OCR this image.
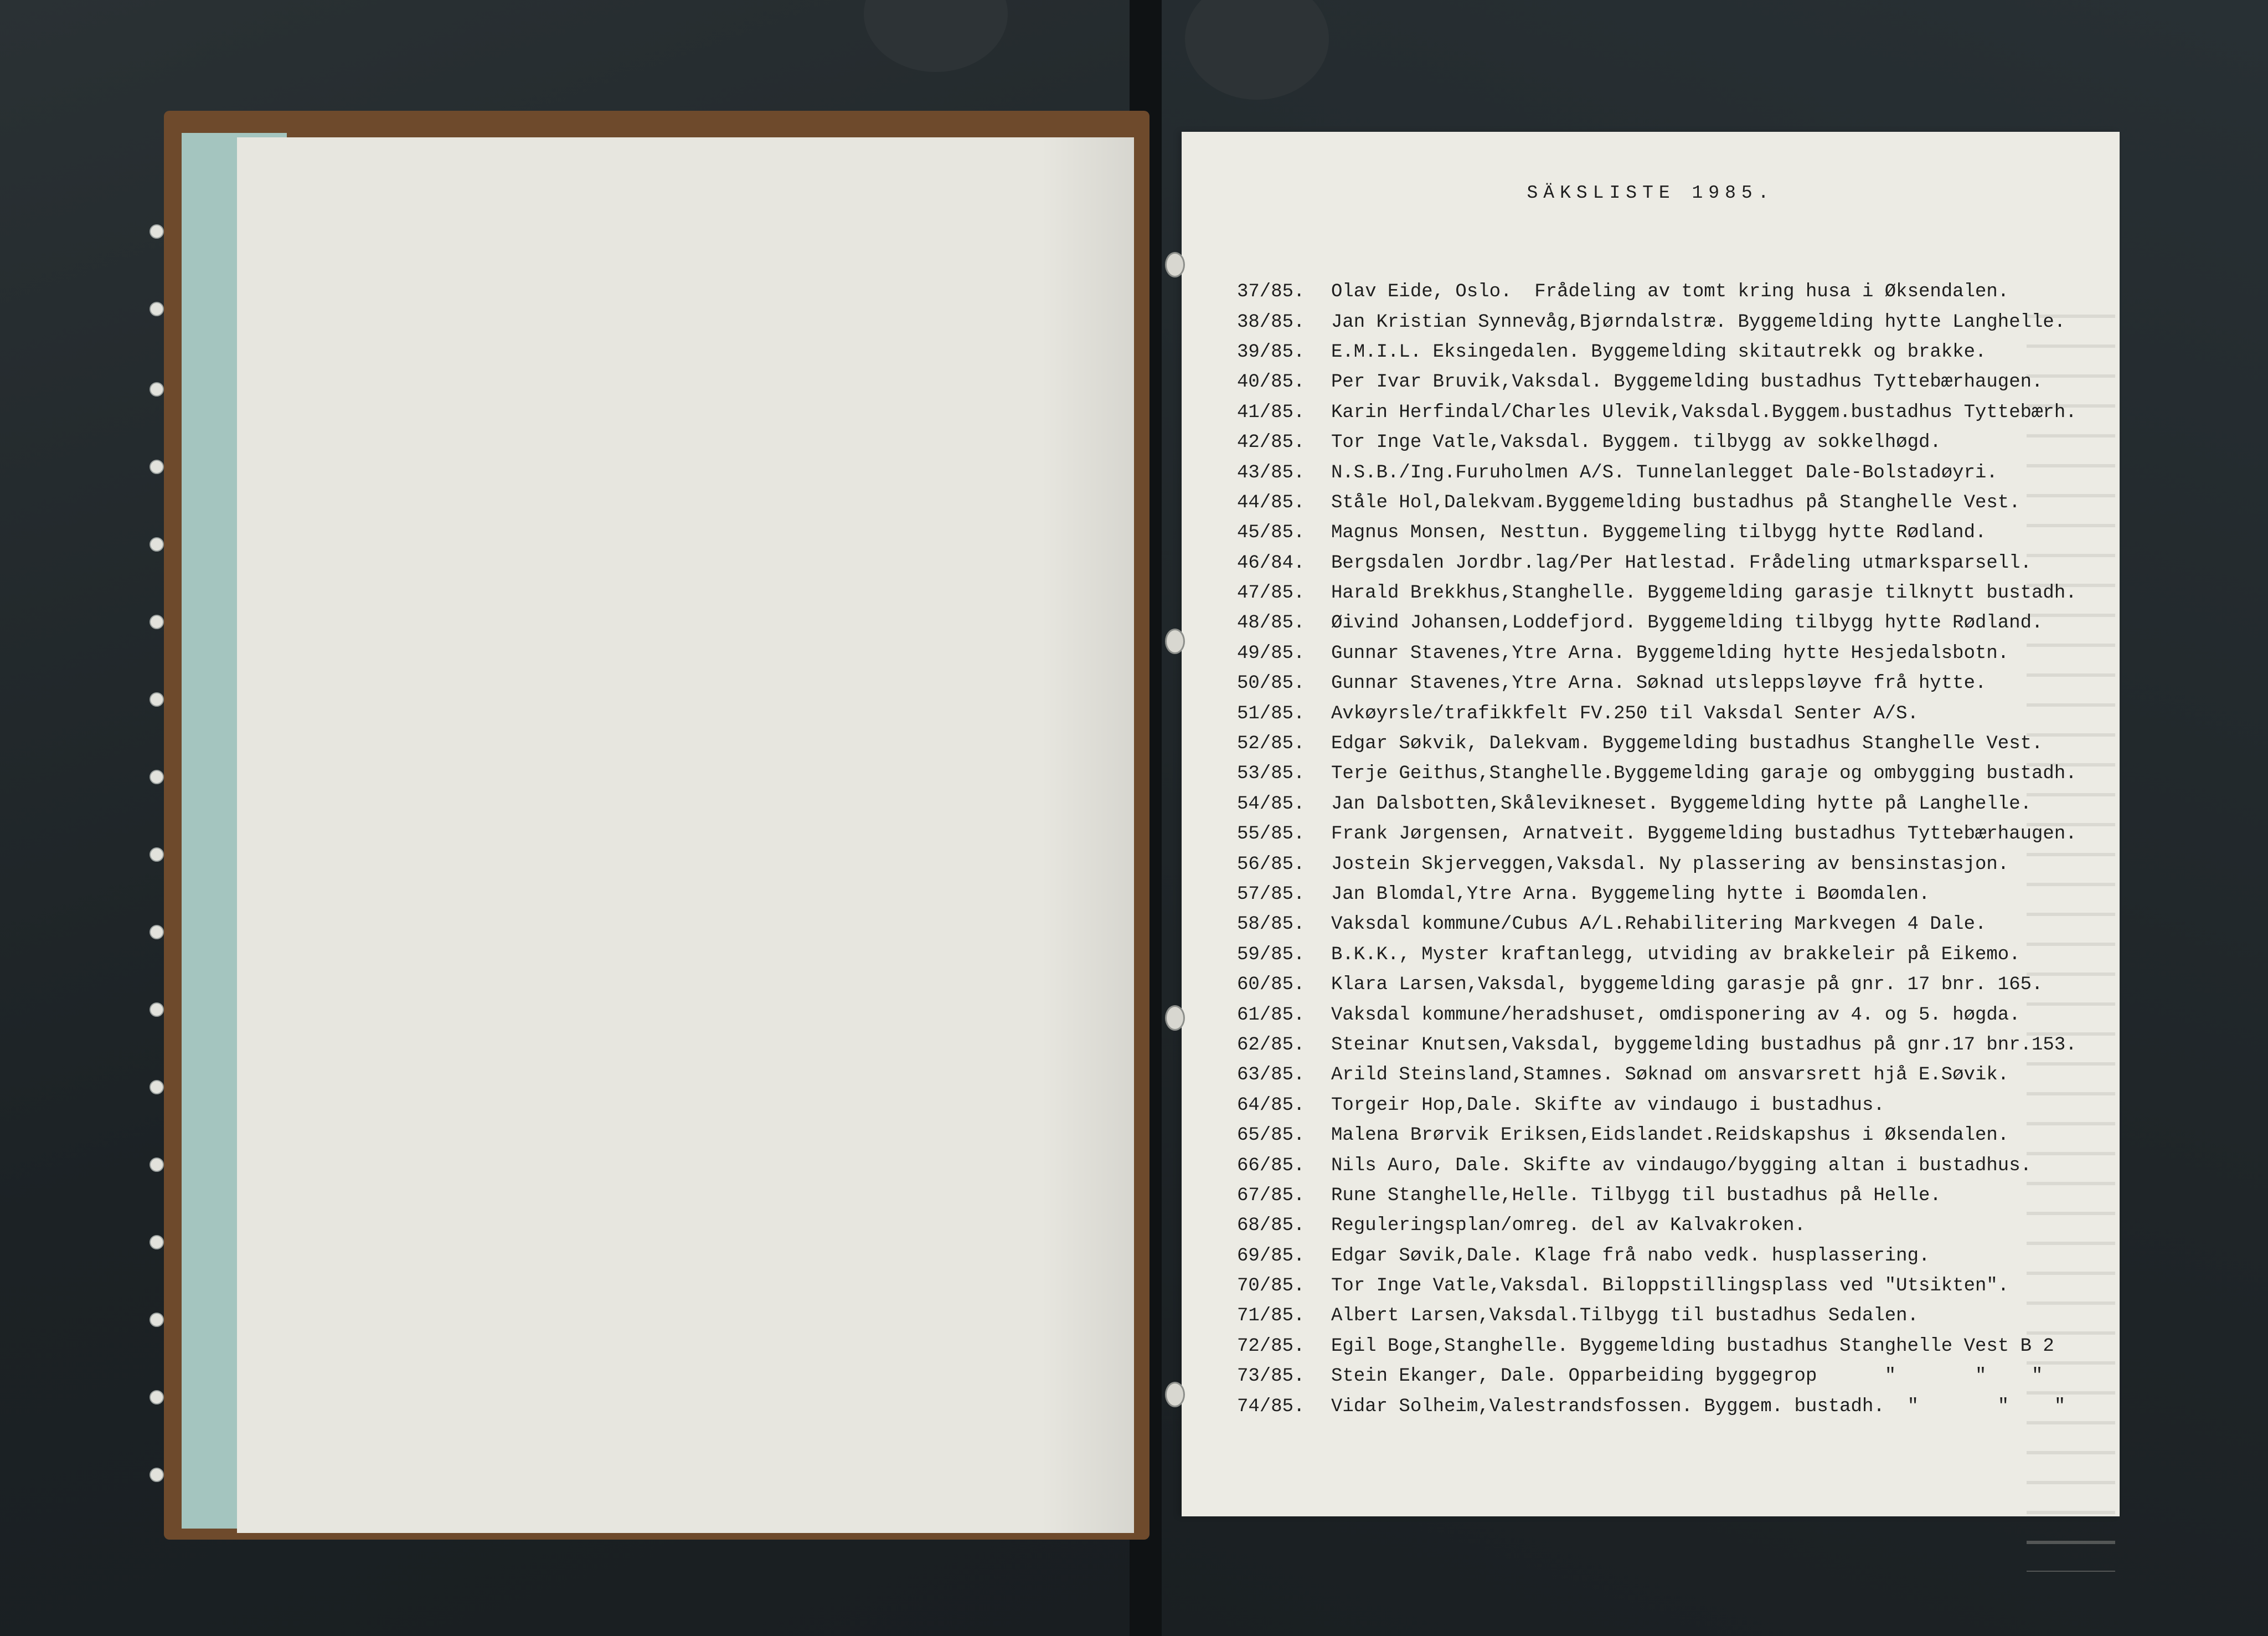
SÄKSLISTE 1985.
37/85.	Olav Eide, Oslo.  Frådeling av tomt kring husa i Øksendalen.
38/85.	Jan Kristian Synnevåg,Bjørndalstræ. Byggemelding hytte Langhelle.
39/85.	E.M.I.L. Eksingedalen. Byggemelding skitautrekk og brakke.
40/85.	Per Ivar Bruvik,Vaksdal. Byggemelding bustadhus Tyttebærhaugen.
41/85.	Karin Herfindal/Charles Ulevik,Vaksdal.Byggem.bustadhus Tyttebærh.
42/85.	Tor Inge Vatle,Vaksdal. Byggem. tilbygg av sokkelhøgd.
43/85.	N.S.B./Ing.Furuholmen A/S. Tunnelanlegget Dale-Bolstadøyri.
44/85.	Ståle Hol,Dalekvam.Byggemelding bustadhus på Stanghelle Vest.
45/85.	Magnus Monsen, Nesttun. Byggemeling tilbygg hytte Rødland.
46/84.	Bergsdalen Jordbr.lag/Per Hatlestad. Frådeling utmarksparsell.
47/85.	Harald Brekkhus,Stanghelle. Byggemelding garasje tilknytt bustadh.
48/85.	Øivind Johansen,Loddefjord. Byggemelding tilbygg hytte Rødland.
49/85.	Gunnar Stavenes,Ytre Arna. Byggemelding hytte Hesjedalsbotn.
50/85.	Gunnar Stavenes,Ytre Arna. Søknad utsleppsløyve frå hytte.
51/85.	Avkøyrsle/trafikkfelt FV.250 til Vaksdal Senter A/S.
52/85.	Edgar Søkvik, Dalekvam. Byggemelding bustadhus Stanghelle Vest.
53/85.	Terje Geithus,Stanghelle.Byggemelding garaje og ombygging bustadh.
54/85.	Jan Dalsbotten,Skålevikneset. Byggemelding hytte på Langhelle.
55/85.	Frank Jørgensen, Arnatveit. Byggemelding bustadhus Tyttebærhaugen.
56/85.	Jostein Skjerveggen,Vaksdal. Ny plassering av bensinstasjon.
57/85.	Jan Blomdal,Ytre Arna. Byggemeling hytte i Bøomdalen.
58/85.	Vaksdal kommune/Cubus A/L.Rehabilitering Markvegen 4 Dale.
59/85.	B.K.K., Myster kraftanlegg, utviding av brakkeleir på Eikemo.
60/85.	Klara Larsen,Vaksdal, byggemelding garasje på gnr. 17 bnr. 165.
61/85.	Vaksdal kommune/heradshuset, omdisponering av 4. og 5. høgda.
62/85.	Steinar Knutsen,Vaksdal, byggemelding bustadhus på gnr.17 bnr.153.
63/85.	Arild Steinsland,Stamnes. Søknad om ansvarsrett hjå E.Søvik.
64/85.	Torgeir Hop,Dale. Skifte av vindaugo i bustadhus.
65/85.	Malena Brørvik Eriksen,Eidslandet.Reidskapshus i Øksendalen.
66/85.	Nils Auro, Dale. Skifte av vindaugo/bygging altan i bustadhus.
67/85.	Rune Stanghelle,Helle. Tilbygg til bustadhus på Helle.
68/85.	Reguleringsplan/omreg. del av Kalvakroken.
69/85.	Edgar Søvik,Dale. Klage frå nabo vedk. husplassering.
70/85.	Tor Inge Vatle,Vaksdal. Biloppstillingsplass ved "Utsikten".
71/85.	Albert Larsen,Vaksdal.Tilbygg til bustadhus Sedalen.
72/85.	Egil Boge,Stanghelle. Byggemelding bustadhus Stanghelle Vest B 2
73/85.	Stein Ekanger, Dale. Opparbeiding byggegrop      "       "    "
74/85.	Vidar Solheim,Valestrandsfossen. Byggem. bustadh.  "       "    "
